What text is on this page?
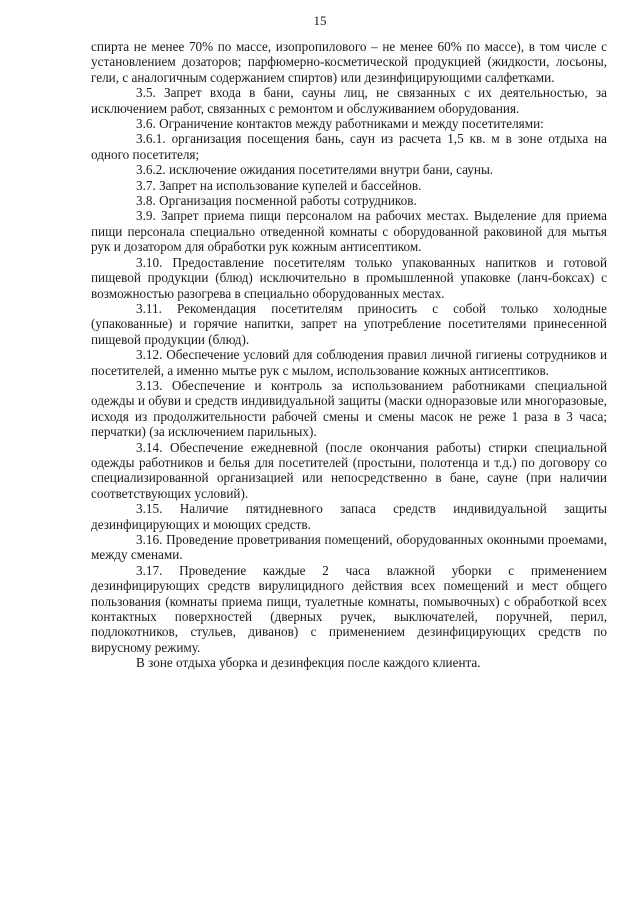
15

спирта не менее 70% по массе, изопропилового – не менее 60% по массе), в том числе с установлением дозаторов; парфюмерно-косметической продукцией (жидкости, лосьоны, гели, с аналогичным содержанием спиртов) или дезинфицирующими салфетками.

3.5. Запрет входа в бани, сауны лиц, не связанных с их деятельностью, за исключением работ, связанных с ремонтом и обслуживанием оборудования.

3.6. Ограничение контактов между работниками и между посетителями:

3.6.1. организация посещения бань, саун из расчета 1,5 кв. м в зоне отдыха на одного посетителя;

3.6.2. исключение ожидания посетителями внутри бани, сауны.

3.7. Запрет на использование купелей и бассейнов.

3.8. Организация посменной работы сотрудников.

3.9. Запрет приема пищи персоналом на рабочих местах. Выделение для приема пищи персонала специально отведенной комнаты с оборудованной раковиной для мытья рук и дозатором для обработки рук кожным антисептиком.

3.10. Предоставление посетителям только упакованных напитков и готовой пищевой продукции (блюд) исключительно в промышленной упаковке (ланч-боксах) с возможностью разогрева в специально оборудованных местах.

3.11. Рекомендация посетителям приносить с собой только холодные (упакованные) и горячие напитки, запрет на употребление посетителями принесенной пищевой продукции (блюд).

3.12. Обеспечение условий для соблюдения правил личной гигиены сотрудников и посетителей, а именно мытье рук с мылом, использование кожных антисептиков.

3.13. Обеспечение и контроль за использованием работниками специальной одежды и обуви и средств индивидуальной защиты (маски одноразовые или многоразовые, исходя из продолжительности рабочей смены и смены масок не реже 1 раза в 3 часа; перчатки) (за исключением парильных).

3.14. Обеспечение ежедневной (после окончания работы) стирки специальной одежды работников и белья для посетителей (простыни, полотенца и т.д.) по договору со специализированной организацией или непосредственно в бане, сауне (при наличии соответствующих условий).

3.15. Наличие пятидневного запаса средств индивидуальной защиты дезинфицирующих и моющих средств.

3.16. Проведение проветривания помещений, оборудованных оконными проемами, между сменами.

3.17. Проведение каждые 2 часа влажной уборки с применением дезинфицирующих средств вирулицидного действия всех помещений и мест общего пользования (комнаты приема пищи, туалетные комнаты, помывочных) с обработкой всех контактных поверхностей (дверных ручек, выключателей, поручней, перил, подлокотников, стульев, диванов) с применением дезинфицирующих средств по вирусному режиму.

В зоне отдыха уборка и дезинфекция после каждого клиента.
